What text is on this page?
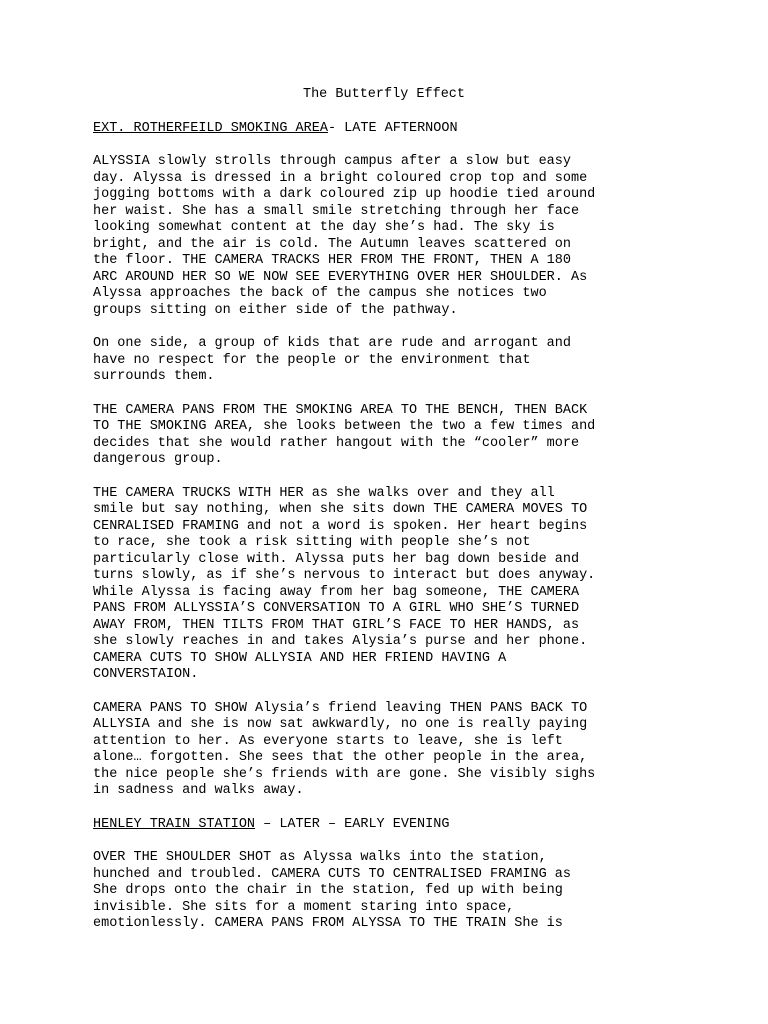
The Butterfly Effect
EXT. ROTHERFEILD SMOKING AREA- LATE AFTERNOON
ALYSSIA slowly strolls through campus after a slow but easy
day. Alyssa is dressed in a bright coloured crop top and some
jogging bottoms with a dark coloured zip up hoodie tied around
her waist. She has a small smile stretching through her face
looking somewhat content at the day she’s had. The sky is
bright, and the air is cold. The Autumn leaves scattered on
the floor. THE CAMERA TRACKS HER FROM THE FRONT, THEN A 180
ARC AROUND HER SO WE NOW SEE EVERYTHING OVER HER SHOULDER. As
Alyssa approaches the back of the campus she notices two
groups sitting on either side of the pathway.
On one side, a group of kids that are rude and arrogant and
have no respect for the people or the environment that
surrounds them.
THE CAMERA PANS FROM THE SMOKING AREA TO THE BENCH, THEN BACK
TO THE SMOKING AREA, she looks between the two a few times and
decides that she would rather hangout with the “cooler” more
dangerous group.
THE CAMERA TRUCKS WITH HER as she walks over and they all
smile but say nothing, when she sits down THE CAMERA MOVES TO
CENRALISED FRAMING and not a word is spoken. Her heart begins
to race, she took a risk sitting with people she’s not
particularly close with. Alyssa puts her bag down beside and
turns slowly, as if she’s nervous to interact but does anyway.
While Alyssa is facing away from her bag someone, THE CAMERA
PANS FROM ALLYSSIA’S CONVERSATION TO A GIRL WHO SHE’S TURNED
AWAY FROM, THEN TILTS FROM THAT GIRL’S FACE TO HER HANDS, as
she slowly reaches in and takes Alysia’s purse and her phone.
CAMERA CUTS TO SHOW ALLYSIA AND HER FRIEND HAVING A
CONVERSTAION.
CAMERA PANS TO SHOW Alysia’s friend leaving THEN PANS BACK TO
ALLYSIA and she is now sat awkwardly, no one is really paying
attention to her. As everyone starts to leave, she is left
alone… forgotten. She sees that the other people in the area,
the nice people she’s friends with are gone. She visibly sighs
in sadness and walks away.
HENLEY TRAIN STATION – LATER – EARLY EVENING
OVER THE SHOULDER SHOT as Alyssa walks into the station,
hunched and troubled. CAMERA CUTS TO CENTRALISED FRAMING as
She drops onto the chair in the station, fed up with being
invisible. She sits for a moment staring into space,
emotionlessly. CAMERA PANS FROM ALYSSA TO THE TRAIN She is
